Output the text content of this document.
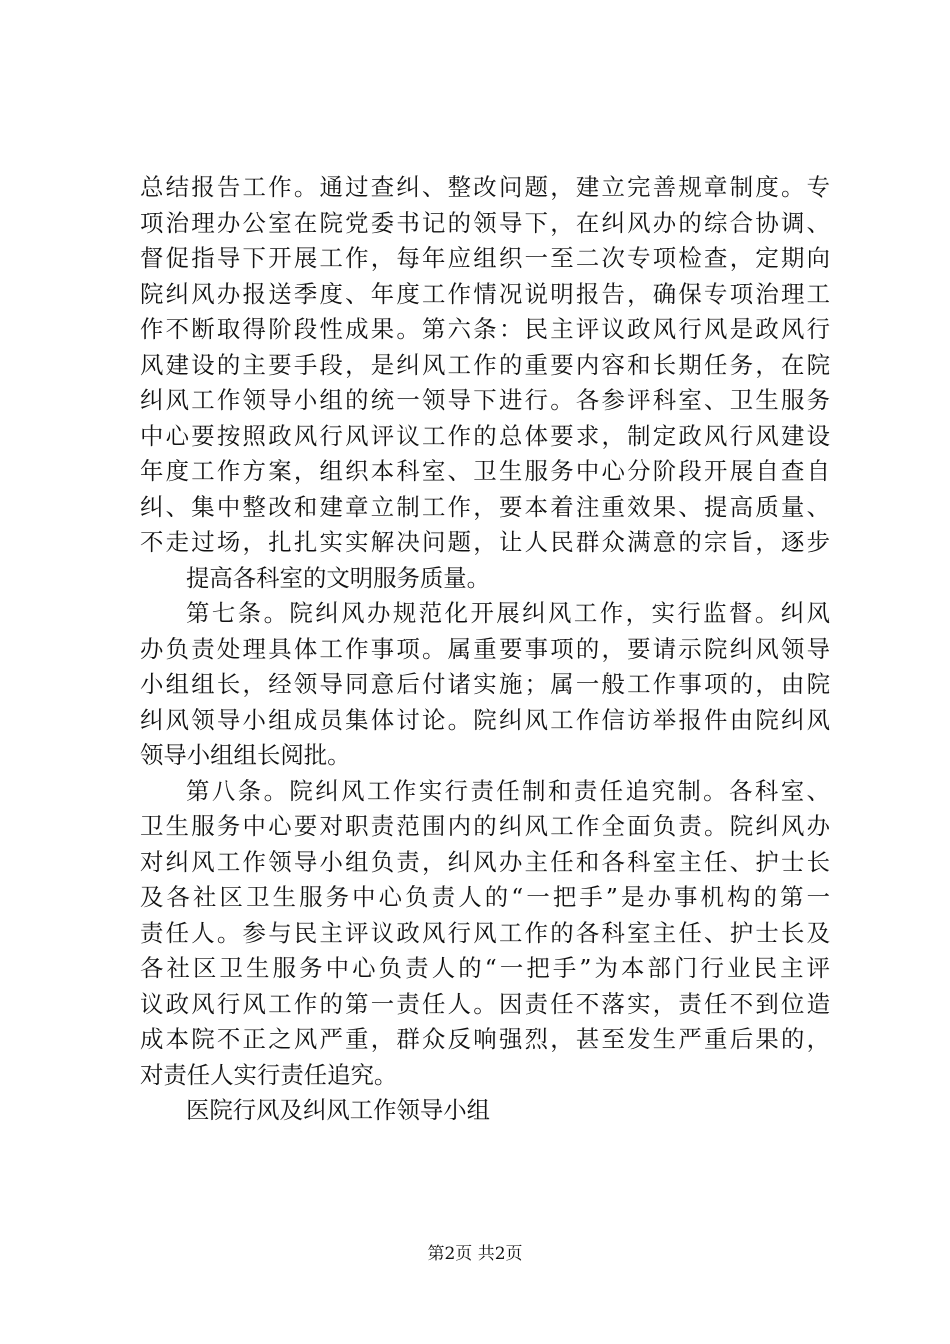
总结报告工作。通过查纠、整改问题，建立完善规章制度。专
项治理办公室在院党委书记的领导下，在纠风办的综合协调、
督促指导下开展工作，每年应组织一至二次专项检查，定期向
院纠风办报送季度、年度工作情况说明报告，确保专项治理工
作不断取得阶段性成果。第六条：民主评议政风行风是政风行
风建设的主要手段，是纠风工作的重要内容和长期任务，在院
纠风工作领导小组的统一领导下进行。各参评科室、卫生服务
中心要按照政风行风评议工作的总体要求，制定政风行风建设
年度工作方案，组织本科室、卫生服务中心分阶段开展自查自
纠、集中整改和建章立制工作，要本着注重效果、提高质量、
不走过场，扎扎实实解决问题，让人民群众满意的宗旨，逐步
提高各科室的文明服务质量。
第七条。院纠风办规范化开展纠风工作，实行监督。纠风
办负责处理具体工作事项。属重要事项的，要请示院纠风领导
小组组长，经领导同意后付诸实施；属一般工作事项的，由院
纠风领导小组成员集体讨论。院纠风工作信访举报件由院纠风
领导小组组长阅批。
第八条。院纠风工作实行责任制和责任追究制。各科室、
卫生服务中心要对职责范围内的纠风工作全面负责。院纠风办
对纠风工作领导小组负责，纠风办主任和各科室主任、护士长
及各社区卫生服务中心负责人的“一把手”是办事机构的第一
责任人。参与民主评议政风行风工作的各科室主任、护士长及
各社区卫生服务中心负责人的“一把手”为本部门行业民主评
议政风行风工作的第一责任人。因责任不落实，责任不到位造
成本院不正之风严重，群众反响强烈，甚至发生严重后果的，
对责任人实行责任追究。
医院行风及纠风工作领导小组
第2页 共2页
